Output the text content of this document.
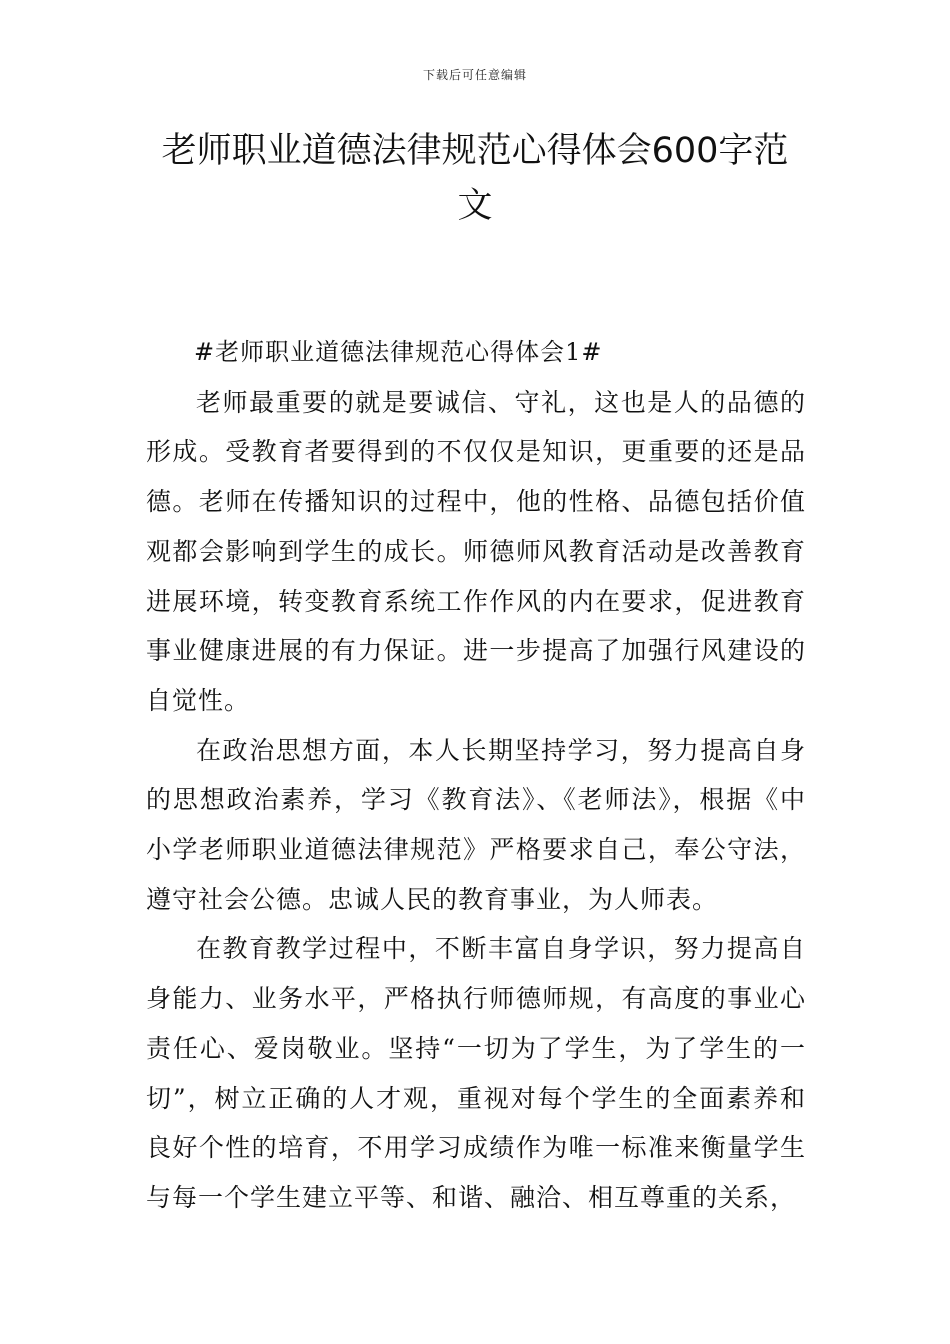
下载后可任意编辑
老师职业道德法律规范心得体会600字范文

#老师职业道德法律规范心得体会1#

老师最重要的就是要诚信、守礼，这也是人的品德的形成。受教育者要得到的不仅仅是知识，更重要的还是品德。老师在传播知识的过程中，他的性格、品德包括价值观都会影响到学生的成长。师德师风教育活动是改善教育进展环境，转变教育系统工作作风的内在要求，促进教育事业健康进展的有力保证。进一步提高了加强行风建设的自觉性。

在政治思想方面，本人长期坚持学习，努力提高自身的思想政治素养，学习《教育法》、《老师法》，根据《中小学老师职业道德法律规范》严格要求自己，奉公守法，遵守社会公德。忠诚人民的教育事业，为人师表。

在教育教学过程中，不断丰富自身学识，努力提高自身能力、业务水平，严格执行师德师规，有高度的事业心责任心、爱岗敬业。坚持“一切为了学生，为了学生的一切”，树立正确的人才观，重视对每个学生的全面素养和良好个性的培育，不用学习成绩作为唯一标准来衡量学生与每一个学生建立平等、和谐、融洽、相互尊重的关系，
